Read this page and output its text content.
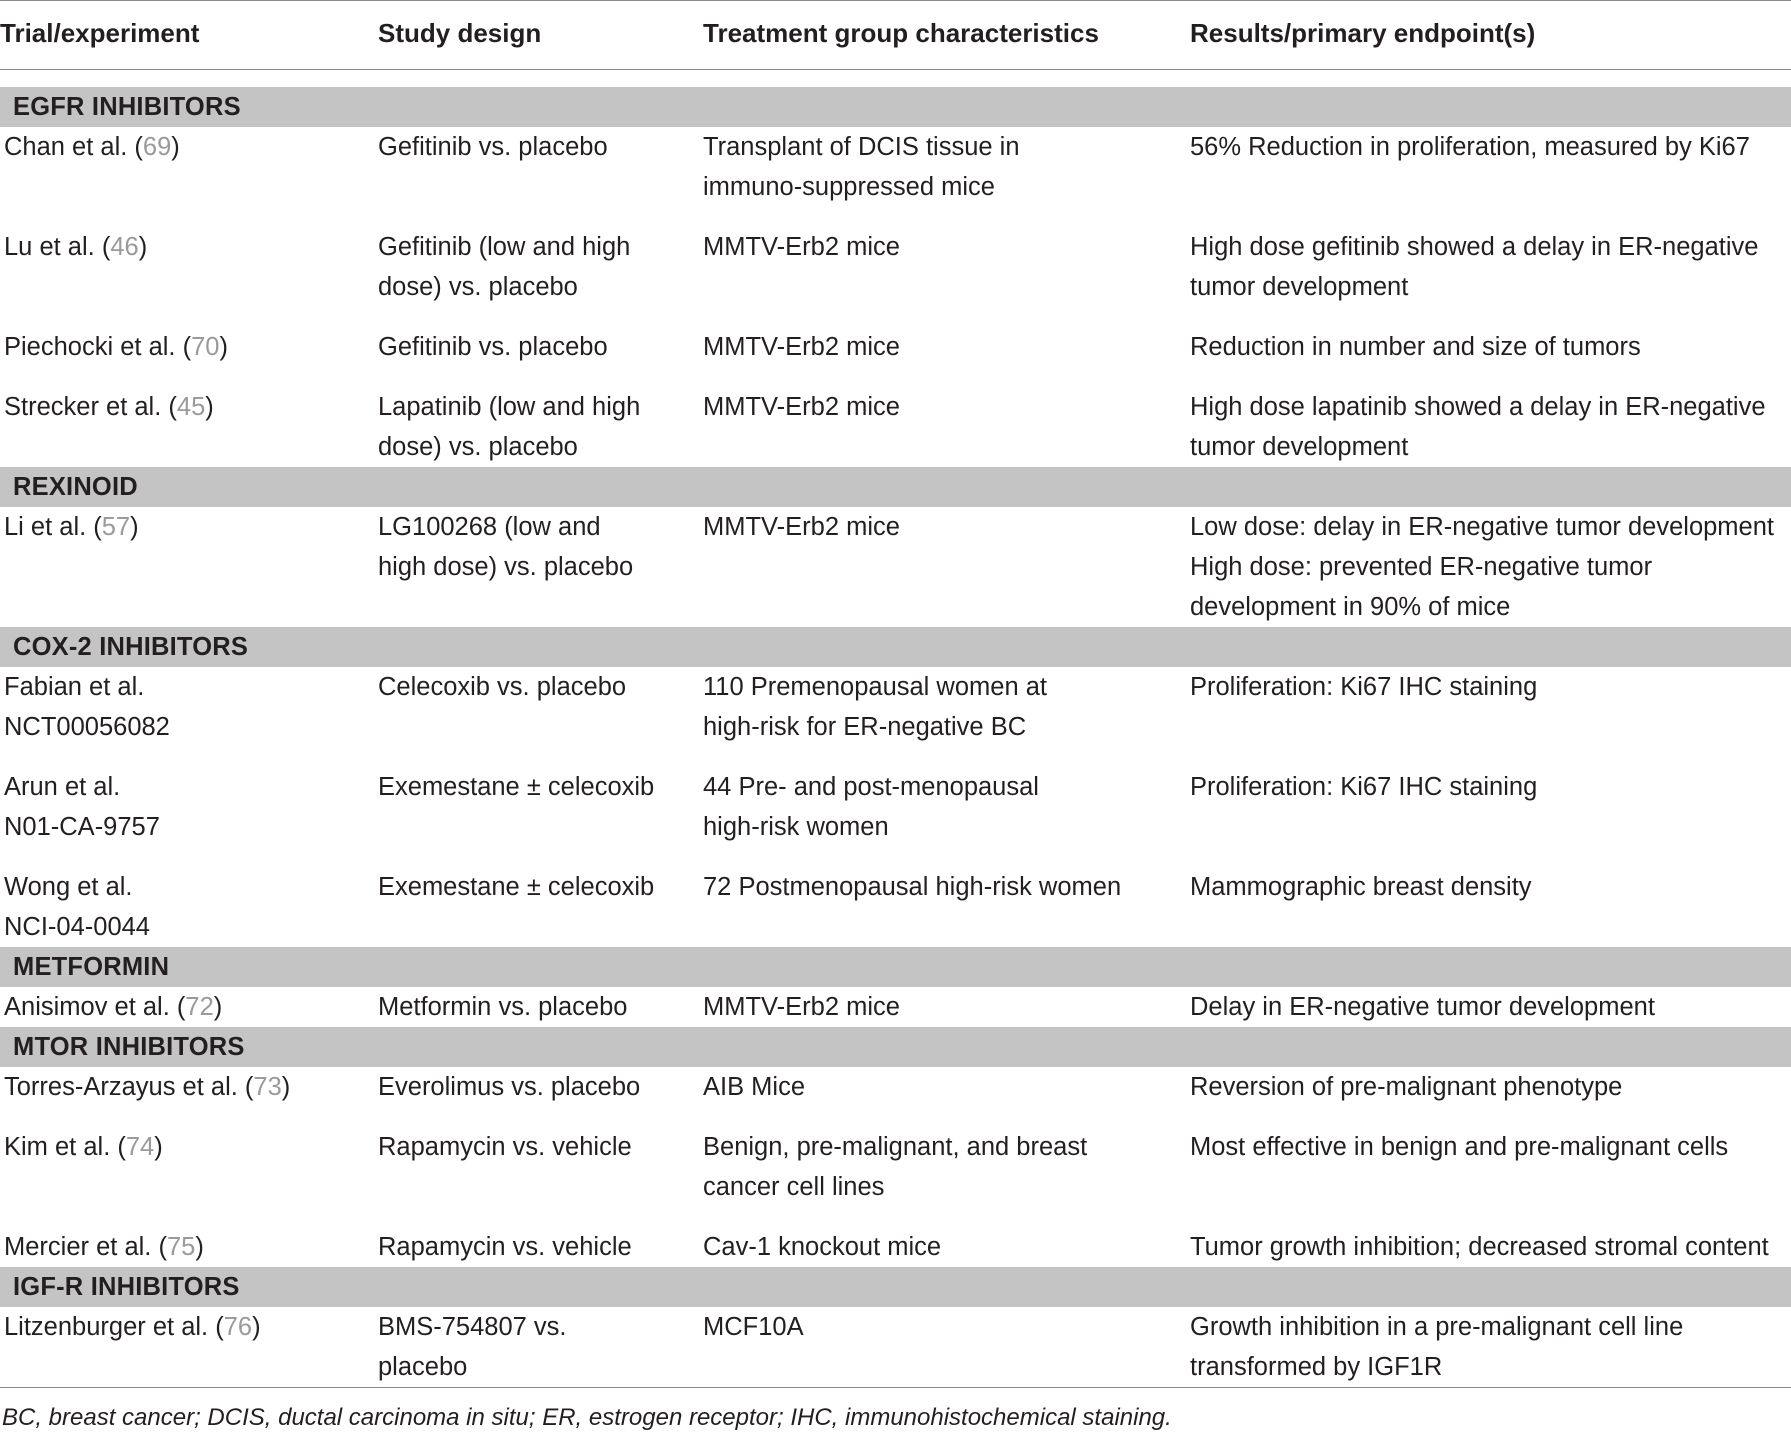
Trial/experiment	Study design	Treatment group characteristics	Results/primary endpoint(s)

EGFR INHIBITORS			
Chan et al. (69)	Gefitinib vs. placebo	Transplant of DCIS tissue in
immuno-suppressed mice	56% Reduction in proliferation, measured by Ki67

Lu et al. (46)	Gefitinib (low and high
dose) vs. placebo	MMTV-Erb2 mice	High dose gefitinib showed a delay in ER-negative
tumor development

Piechocki et al. (70)	Gefitinib vs. placebo	MMTV-Erb2 mice	Reduction in number and size of tumors

Strecker et al. (45)	Lapatinib (low and high
dose) vs. placebo	MMTV-Erb2 mice	High dose lapatinib showed a delay in ER-negative
tumor development

REXINOID			
Li et al. (57)	LG100268 (low and
high dose) vs. placebo	MMTV-Erb2 mice	Low dose: delay in ER-negative tumor development
High dose: prevented ER-negative tumor
development in 90% of mice

COX-2 INHIBITORS			

Fabian et al.
NCT00056082	Celecoxib vs. placebo	110 Premenopausal women at
high-risk for ER-negative BC	Proliferation: Ki67 IHC staining

Arun et al.
N01-CA-9757	Exemestane ± celecoxib	44 Pre- and post-menopausal
high-risk women	Proliferation: Ki67 IHC staining

Wong et al.
NCI-04-0044	Exemestane ± celecoxib	72 Postmenopausal high-risk women	Mammographic breast density

METFORMIN			
Anisimov et al. (72)	Metformin vs. placebo	MMTV-Erb2 mice	Delay in ER-negative tumor development

MTOR INHIBITORS			
Torres-Arzayus et al. (73)	Everolimus vs. placebo	AIB Mice	Reversion of pre-malignant phenotype

Kim et al. (74)	Rapamycin vs. vehicle	Benign, pre-malignant, and breast
cancer cell lines	Most effective in benign and pre-malignant cells

Mercier et al. (75)	Rapamycin vs. vehicle	Cav-1 knockout mice	Tumor growth inhibition; decreased stromal content

IGF-R INHIBITORS			
Litzenburger et al. (76)	BMS-754807 vs.
placebo	MCF10A	Growth inhibition in a pre-malignant cell line
transformed by IGF1R

BC, breast cancer; DCIS, ductal carcinoma in situ; ER, estrogen receptor; IHC, immunohistochemical staining.
